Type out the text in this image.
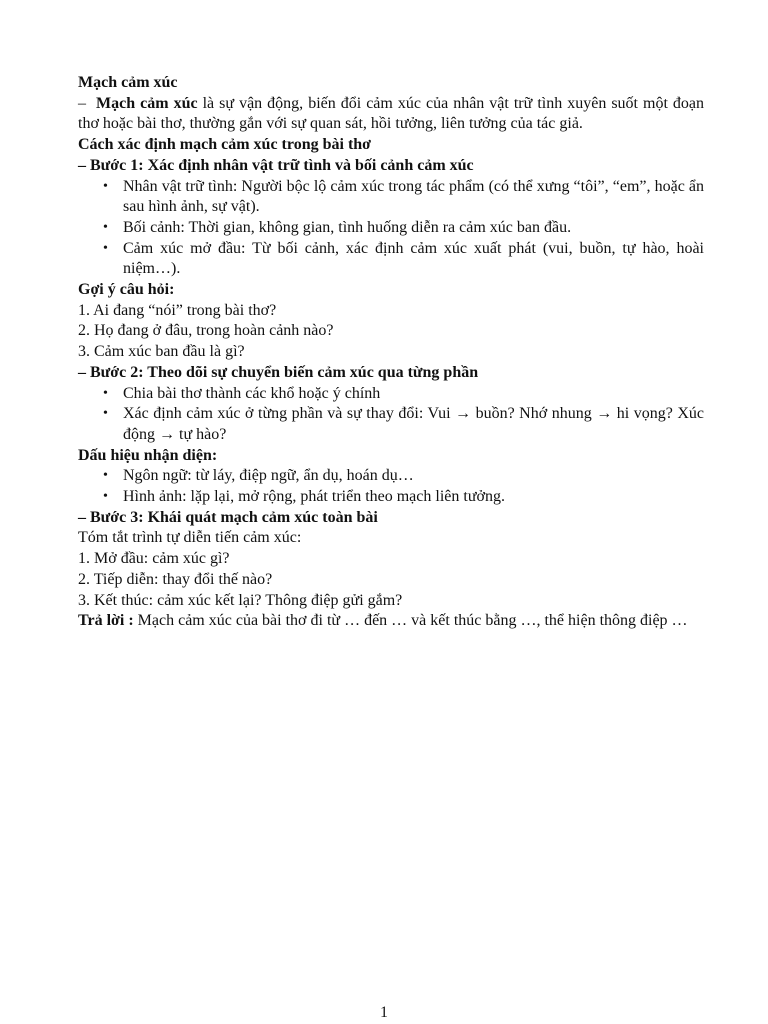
Mạch cảm xúc

– Mạch cảm xúc là sự vận động, biến đổi cảm xúc của nhân vật trữ tình xuyên suốt một đoạn thơ hoặc bài thơ, thường gắn với sự quan sát, hồi tưởng, liên tưởng của tác giả.

Cách xác định mạch cảm xúc trong bài thơ

– Bước 1: Xác định nhân vật trữ tình và bối cảnh cảm xúc

• Nhân vật trữ tình: Người bộc lộ cảm xúc trong tác phẩm (có thể xưng “tôi”, “em”, hoặc ẩn sau hình ảnh, sự vật).
• Bối cảnh: Thời gian, không gian, tình huống diễn ra cảm xúc ban đầu.
• Cảm xúc mở đầu: Từ bối cảnh, xác định cảm xúc xuất phát (vui, buồn, tự hào, hoài niệm…).

Gợi ý câu hỏi:

1. Ai đang “nói” trong bài thơ?

2. Họ đang ở đâu, trong hoàn cảnh nào?

3. Cảm xúc ban đầu là gì?

– Bước 2: Theo dõi sự chuyển biến cảm xúc qua từng phần

• Chia bài thơ thành các khổ hoặc ý chính
• Xác định cảm xúc ở từng phần và sự thay đổi: Vui → buồn? Nhớ nhung → hi vọng? Xúc động → tự hào?

Dấu hiệu nhận diện:

• Ngôn ngữ: từ láy, điệp ngữ, ẩn dụ, hoán dụ…
• Hình ảnh: lặp lại, mở rộng, phát triển theo mạch liên tưởng.

– Bước 3: Khái quát mạch cảm xúc toàn bài

Tóm tắt trình tự diễn tiến cảm xúc:

1. Mở đầu: cảm xúc gì?

2. Tiếp diễn: thay đổi thế nào?

3. Kết thúc: cảm xúc kết lại? Thông điệp gửi gắm?

Trả lời : Mạch cảm xúc của bài thơ đi từ … đến … và kết thúc bằng …, thể hiện thông điệp …

1
